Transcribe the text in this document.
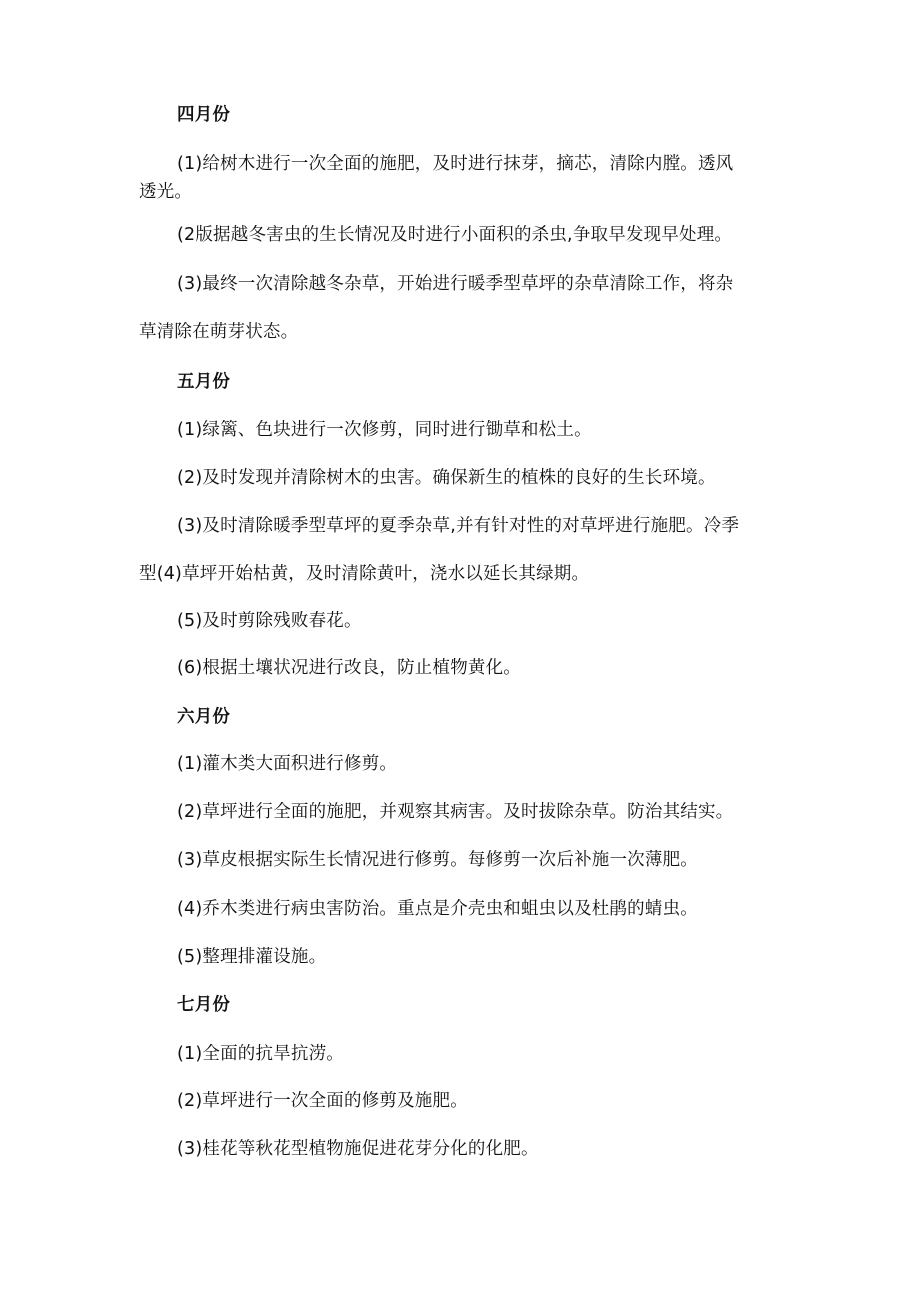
四月份
(1)给树木进行一次全面的施肥，及时进行抹芽，摘芯，清除内膛。透风
透光。
(2版据越冬害虫的生长情况及时进行小面积的杀虫,争取早发现早处理。
(3)最终一次清除越冬杂草，开始进行暖季型草坪的杂草清除工作，将杂
草清除在萌芽状态。
五月份
(1)绿篱、色块进行一次修剪，同时进行锄草和松土。
(2)及时发现并清除树木的虫害。确保新生的植株的良好的生长环境。
(3)及时清除暖季型草坪的夏季杂草,并有针对性的对草坪进行施肥。冷季
型(4)草坪开始枯黄，及时清除黄叶，浇水以延长其绿期。
(5)及时剪除残败春花。
(6)根据土壤状况进行改良，防止植物黄化。
六月份
(1)灌木类大面积进行修剪。
(2)草坪进行全面的施肥，并观察其病害。及时拔除杂草。防治其结实。
(3)草皮根据实际生长情况进行修剪。每修剪一次后补施一次薄肥。
(4)乔木类进行病虫害防治。重点是介壳虫和蛆虫以及杜鹃的蜻虫。
(5)整理排灌设施。
七月份
(1)全面的抗旱抗涝。
(2)草坪进行一次全面的修剪及施肥。
(3)桂花等秋花型植物施促进花芽分化的化肥。
